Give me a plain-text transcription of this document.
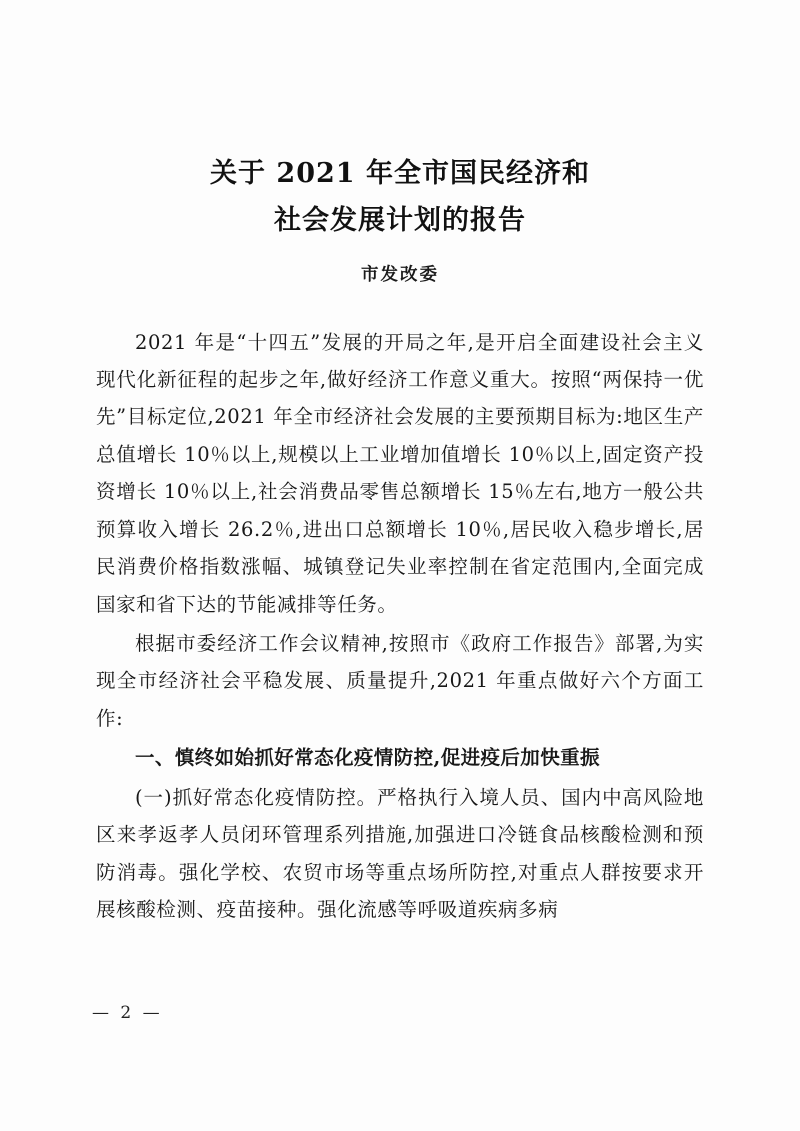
关于 2021 年全市国民经济和
社会发展计划的报告
市发改委

2021 年是“十四五”发展的开局之年,是开启全面建设社会主义现代化新征程的起步之年,做好经济工作意义重大。按照“两保持一优先”目标定位,2021 年全市经济社会发展的主要预期目标为:地区生产总值增长 10％以上,规模以上工业增加值增长 10％以上,固定资产投资增长 10％以上,社会消费品零售总额增长 15％左右,地方一般公共预算收入增长 26.2％,进出口总额增长 10％,居民收入稳步增长,居民消费价格指数涨幅、城镇登记失业率控制在省定范围内,全面完成国家和省下达的节能减排等任务。

根据市委经济工作会议精神,按照市《政府工作报告》部署,为实现全市经济社会平稳发展、质量提升,2021 年重点做好六个方面工作:

一、慎终如始抓好常态化疫情防控,促进疫后加快重振

(一)抓好常态化疫情防控。严格执行入境人员、国内中高风险地区来孝返孝人员闭环管理系列措施,加强进口冷链食品核酸检测和预防消毒。强化学校、农贸市场等重点场所防控,对重点人群按要求开展核酸检测、疫苗接种。强化流感等呼吸道疾病多病

— 2 —
